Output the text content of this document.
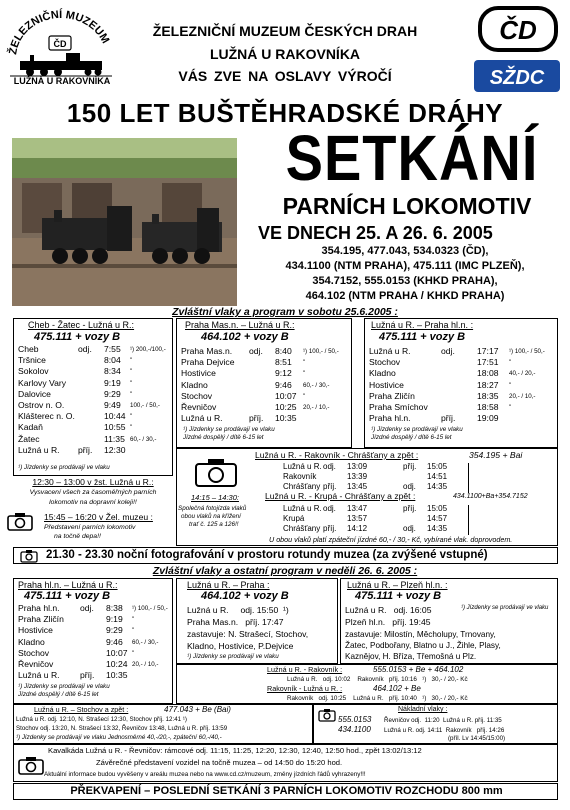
ŽELEZNIČNÍ MUZEUM
ČD
LUŽNÁ U RAKOVNÍKA
ŽELEZNIČNÍ MUZEUM ČESKÝCH DRAH
LUŽNÁ U RAKOVNÍKA
VÁS ZVE NA OSLAVY VÝROČÍ
ČD
SŽDC
150 LET BUŠTĚHRADSKÉ DRÁHY
SETKÁNÍ
PARNÍCH LOKOMOTIV
VE DNECH 25. A 26. 6. 2005
354.195, 477.043, 534.0323 (ČD),
434.1100 (NTM PRAHA), 475.111 (IMC PLZEŇ),
354.7152, 555.0153 (KHKD PRAHA),
464.102 (NTM PRAHA / KHKD PRAHA)
Zvláštní vlaky a program v sobotu 25.6.2005 :
Cheb - Žatec - Lužná u R.:
475.111 + vozy B
Cheb	odj. 7:55 ¹) 200,-/100,-
Tršnice	8:04 "
Sokolov	8:34 "
Karlovy Vary	9:19 "
Dalovice	9:29 "
Ostrov n. O.	9:49 100,- / 50,-
Klášterec n. O.	10:44 "
Kadaň	10:55 "
Žatec	11:35 60,- / 30,-
Lužná u R. příj. 12:30
¹) Jízdenky se prodávají ve vlaku
Praha Mas.n. – Lužná u R.:
464.102 + vozy B
Praha Mas.n. odj. 8:40 ¹) 100,- / 50,-
Praha Dejvice	8:51 "
Hostivice	9:12 "
Kladno	9:46 60,- / 30,-
Stochov	10:07 "
Řevničov	10:25 20,- / 10,-
Lužná u R.	příj. 10:35
¹) Jízdenky se prodávají ve vlaku
Jízdné dospělý / dítě 6-15 let
Lužná u R. – Praha hl.n. :
475.111 + vozy B
Lužná u R.	odj.	17:17 ¹) 100,- / 50,-
Stochov	17:51 "
Kladno	18:08 40,- / 20,-
Hostivice	18:27 "
Praha Zličín	18:35 20,- / 10,-
Praha Smíchov	18:58 "
Praha hl.n.	příj.	19:09
¹) Jízdenky se prodávají ve vlaku
Jízdné dospělý / dítě 6-15 let
12:30 – 13:00 v žst. Lužná u R.:
Vysvacení všech za časoměřných parních
lokomotiv na dopravní koleji!!
15:45 – 16:20 v Žel. muzeu :
Představení parních lokomotiv
na točně depa!!
Lužná u R. - Rakovník - Chrášťany a zpět :	354.195 + Bai
Lužná u R. odj. 13:09	příj. 15:05
Rakovník	13:39	14:51
Chrášťany příj. 13:45	odj. 14:35
14:15 – 14:30:
Společná fotojízda vlaků
obou vlaků na křížení
trať č. 125 a 126!!
Lužná u R. - Krupá - Chrášťany a zpět :	434.1100+Ba+354.7152
Lužná u R. odj. 13:47	příj. 15:05
Krupá	13:57	14:57
Chrášťany příj. 14:12	odj. 14:35
U obou vlaků platí zpáteční jízdné 60,- / 30,- Kč, vybírané vlak. doprovodem.
21.30 - 23.30 noční fotografování v prostoru rotundy muzea (za zvýšené vstupné)
Zvláštní vlaky a ostatní program v neděli 26. 6. 2005 :
Praha hl.n. – Lužná u R.:
475.111 + vozy B
Praha hl.n. odj. 8:38 ¹) 100,- / 50,-
Praha Zličín	9:19 "
Hostivice	9:29 "
Kladno	9:46 60,- / 30,-
Stochov	10:07 "
Řevničov	10:24 20,- / 10,-
Lužná u R. příj. 10:35
¹) Jízdenky se prodávají ve vlaku
Jízdné dospělý / dítě 6-15 let
Lužná u R. – Praha :
464.102 + vozy B
Lužná u R.     odj. 15:50  ¹)
Praha Mas.n.   příj. 17:47
zastavuje: N. Strašecí, Stochov,
Kladno, Hostivice, P.Dejvice
¹) Jízdenky se prodávají ve vlaku
Lužná u R. – Plzeň hl.n. :
475.111 + vozy B
Lužná u R.   odj. 16:05	¹) Jízdenky se prodávají ve vlaku
Plzeň hl.n.   příj. 19:45
zastavuje: Milostín, Měcholupy, Trnovany,
Žatec, Podbořany, Blatno u J., Žihle, Plasy,
Kaznějov, H. Bříza, Třemošná u Plz.
Lužná u R. - Rakovník :	555.0153 + Be + 464.102
Lužná u R.   odj. 10:02    Rakovník   příj. 10:16   ¹)   30,- / 20,- Kč
Rakovník - Lužná u R. :	464.102 + Be
Rakovník   odj. 10:25    Lužná u R.   příj. 10:40   ¹)   30,- / 20,- Kč
Lužná u R. – Stochov a zpět :	477.043 + Be (Bai)
Lužná u R. odj. 12:10, N. Strašecí 12:30, Stochov příj. 12:41 ¹)
Stochov odj. 13:20, N. Strašecí 13:32, Řevničov 13:48, Lužná u R. příj. 13:59
¹) Jízdenky se prodávají ve vlaku Jednosměrné 40,-/20,-, zpáteční 60,-/40,-
Nákladní vlaky :
555.0153 Řevničov odj.  11:20  Lužná u R. příj. 11:35
434.1100 Lužná u R. odj. 14:11  Rakovník   příj. 14:26
(příl. Lv 14:45/15:00)
Kavalkáda Lužná u R. - Řevničov: rámcové odj. 11:15, 11:25, 12:20, 12:30, 12:40, 12:50 hod., zpět 13:02/13:12
Závěrečné představení vozidel na točně muzea – od 14:50 do 15:20 hod.
Aktuální informace budou vyvěšeny v areálu muzea nebo na www.cd.cz/muzeum, změny jízdních řádů vyhrazeny!!!
PŘEKVAPENÍ – POSLEDNÍ SETKÁNÍ 3 PARNÍCH LOKOMOTIV ROZCHODU 800 mm
